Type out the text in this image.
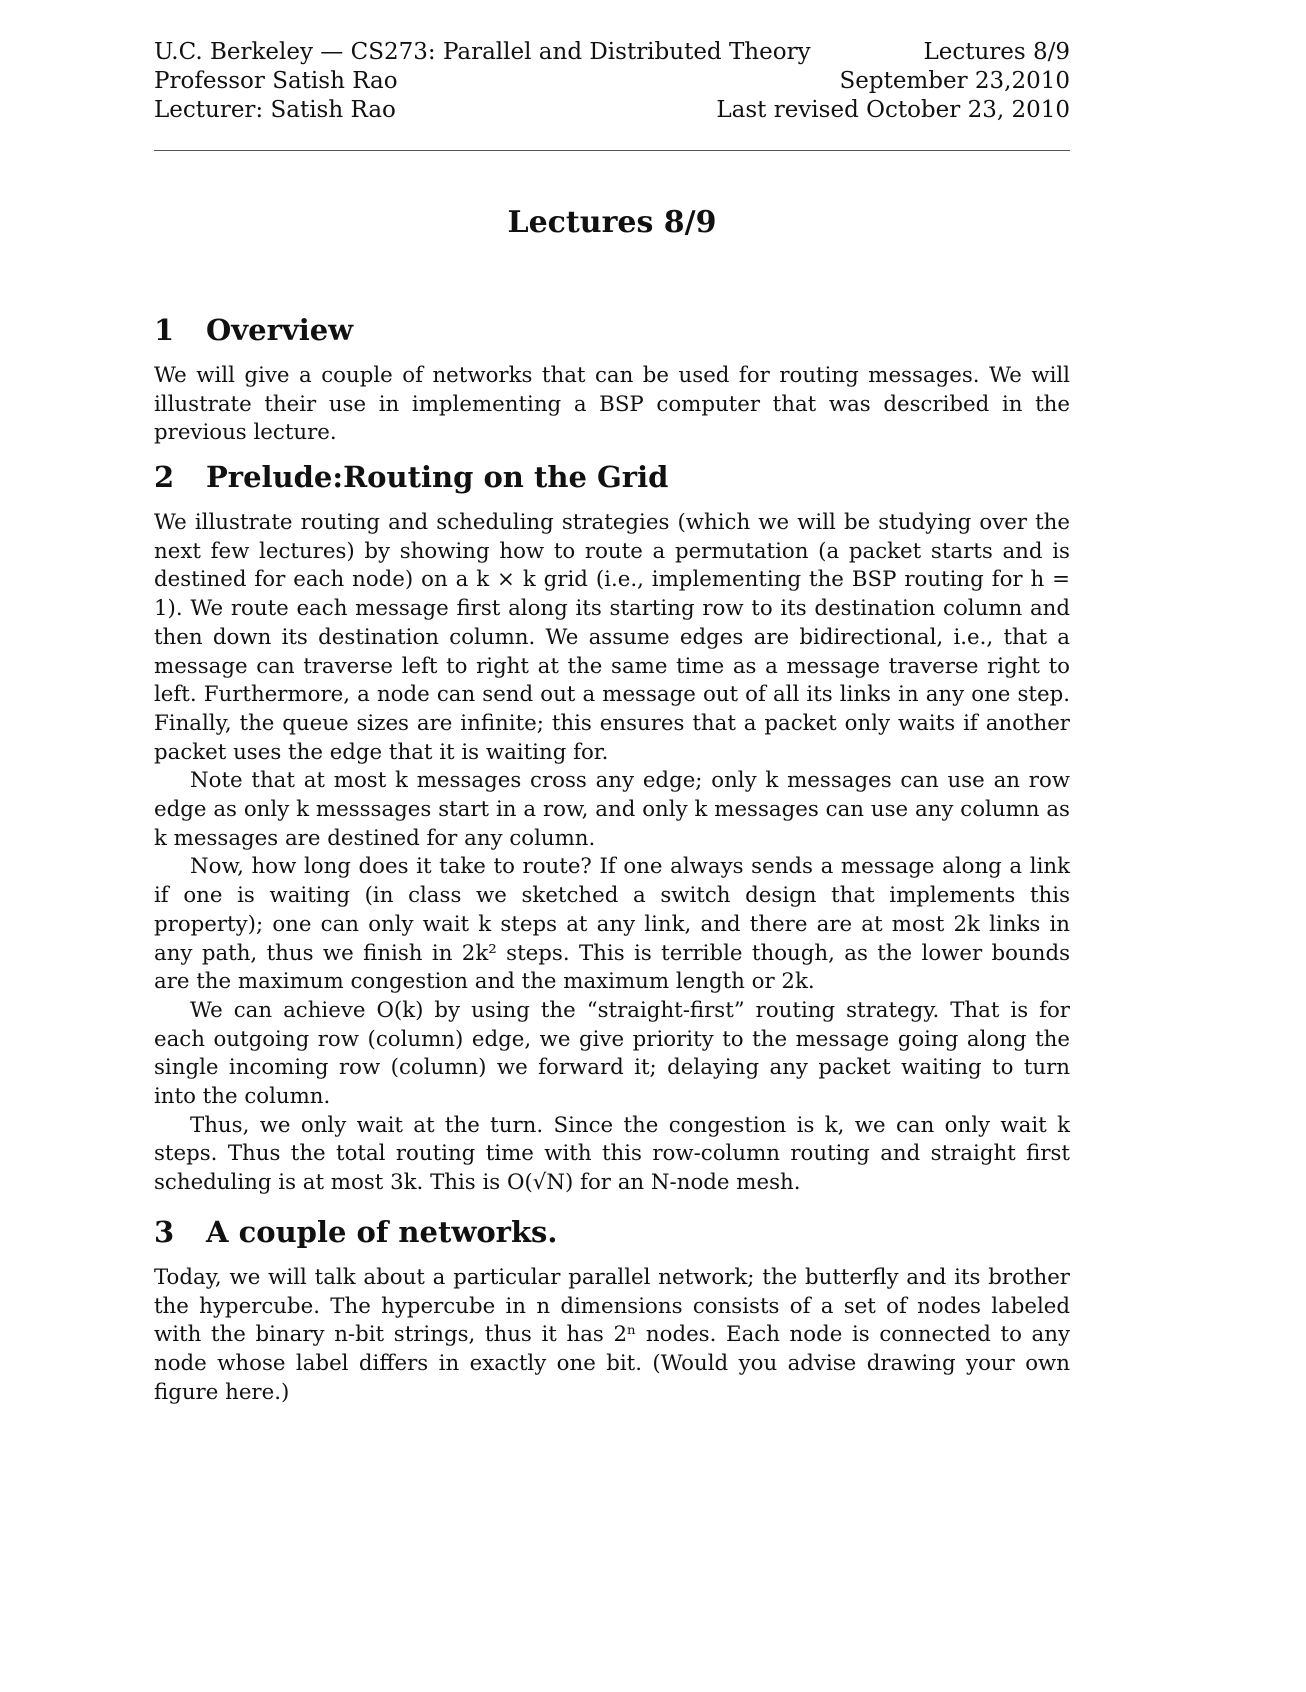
U.C. Berkeley — CS273: Parallel and Distributed Theory
Professor Satish Rao
Lecturer: Satish Rao
Lectures 8/9
September 23,2010
Last revised October 23, 2010
Lectures 8/9
1	Overview

We will give a couple of networks that can be used for routing messages. We will illustrate their use in implementing a BSP computer that was described in the previous lecture.

2	Prelude:Routing on the Grid

We illustrate routing and scheduling strategies (which we will be studying over the next few lectures) by showing how to route a permutation (a packet starts and is destined for each node) on a k × k grid (i.e., implementing the BSP routing for h = 1). We route each message first along its starting row to its destination column and then down its destination column. We assume edges are bidirectional, i.e., that a message can traverse left to right at the same time as a message traverse right to left. Furthermore, a node can send out a message out of all its links in any one step. Finally, the queue sizes are infinite; this ensures that a packet only waits if another packet uses the edge that it is waiting for.

Note that at most k messages cross any edge; only k messages can use an row edge as only k messsages start in a row, and only k messages can use any column as k messages are destined for any column.

Now, how long does it take to route? If one always sends a message along a link if one is waiting (in class we sketched a switch design that implements this property); one can only wait k steps at any link, and there are at most 2k links in any path, thus we finish in 2k² steps. This is terrible though, as the lower bounds are the maximum congestion and the maximum length or 2k.

We can achieve O(k) by using the “straight-first” routing strategy. That is for each outgoing row (column) edge, we give priority to the message going along the single incoming row (column) we forward it; delaying any packet waiting to turn into the column.

Thus, we only wait at the turn. Since the congestion is k, we can only wait k steps. Thus the total routing time with this row-column routing and straight first scheduling is at most 3k. This is O(√N) for an N-node mesh.

3	A couple of networks.

Today, we will talk about a particular parallel network; the butterfly and its brother the hypercube. The hypercube in n dimensions consists of a set of nodes labeled with the binary n-bit strings, thus it has 2ⁿ nodes. Each node is connected to any node whose label differs in exactly one bit. (Would you advise drawing your own figure here.)
